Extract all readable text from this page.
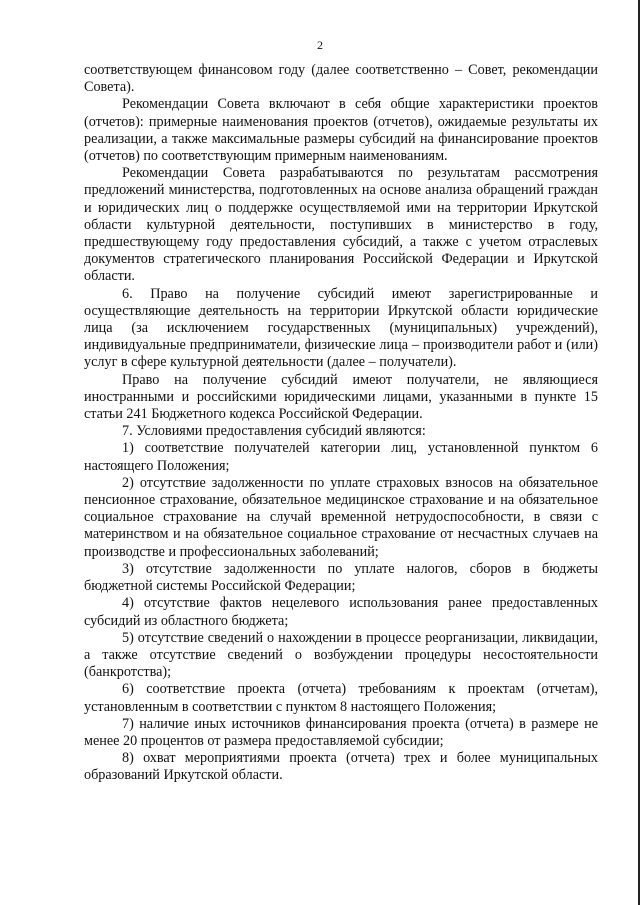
2

соответствующем финансовом году (далее соответственно – Совет, рекомендации Совета).

Рекомендации Совета включают в себя общие характеристики проектов (отчетов): примерные наименования проектов (отчетов), ожидаемые результаты их реализации, а также максимальные размеры субсидий на финансирование проектов (отчетов) по соответствующим примерным наименованиям.

Рекомендации Совета разрабатываются по результатам рассмотрения предложений министерства, подготовленных на основе анализа обращений граждан и юридических лиц о поддержке осуществляемой ими на территории Иркутской области культурной деятельности, поступивших в министерство в году, предшествующему году предоставления субсидий, а также с учетом отраслевых документов стратегического планирования Российской Федерации и Иркутской области.

6. Право на получение субсидий имеют зарегистрированные и осуществляющие деятельность на территории Иркутской области юридические лица (за исключением государственных (муниципальных) учреждений), индивидуальные предприниматели, физические лица – производители работ и (или) услуг в сфере культурной деятельности (далее – получатели).

Право на получение субсидий имеют получатели, не являющиеся иностранными и российскими юридическими лицами, указанными в пункте 15 статьи 241 Бюджетного кодекса Российской Федерации.

7. Условиями предоставления субсидий являются:

1) соответствие получателей категории лиц, установленной пунктом 6 настоящего Положения;

2) отсутствие задолженности по уплате страховых взносов на обязательное пенсионное страхование, обязательное медицинское страхование и на обязательное социальное страхование на случай временной нетрудоспособности, в связи с материнством и на обязательное социальное страхование от несчастных случаев на производстве и профессиональных заболеваний;

3) отсутствие задолженности по уплате налогов, сборов в бюджеты бюджетной системы Российской Федерации;

4) отсутствие фактов нецелевого использования ранее предоставленных субсидий из областного бюджета;

5) отсутствие сведений о нахождении в процессе реорганизации, ликвидации, а также отсутствие сведений о возбуждении процедуры несостоятельности (банкротства);

6) соответствие проекта (отчета) требованиям к проектам (отчетам), установленным в соответствии с пунктом 8 настоящего Положения;

7) наличие иных источников финансирования проекта (отчета) в размере не менее 20 процентов от размера предоставляемой субсидии;

8) охват мероприятиями проекта (отчета) трех и более муниципальных образований Иркутской области.
